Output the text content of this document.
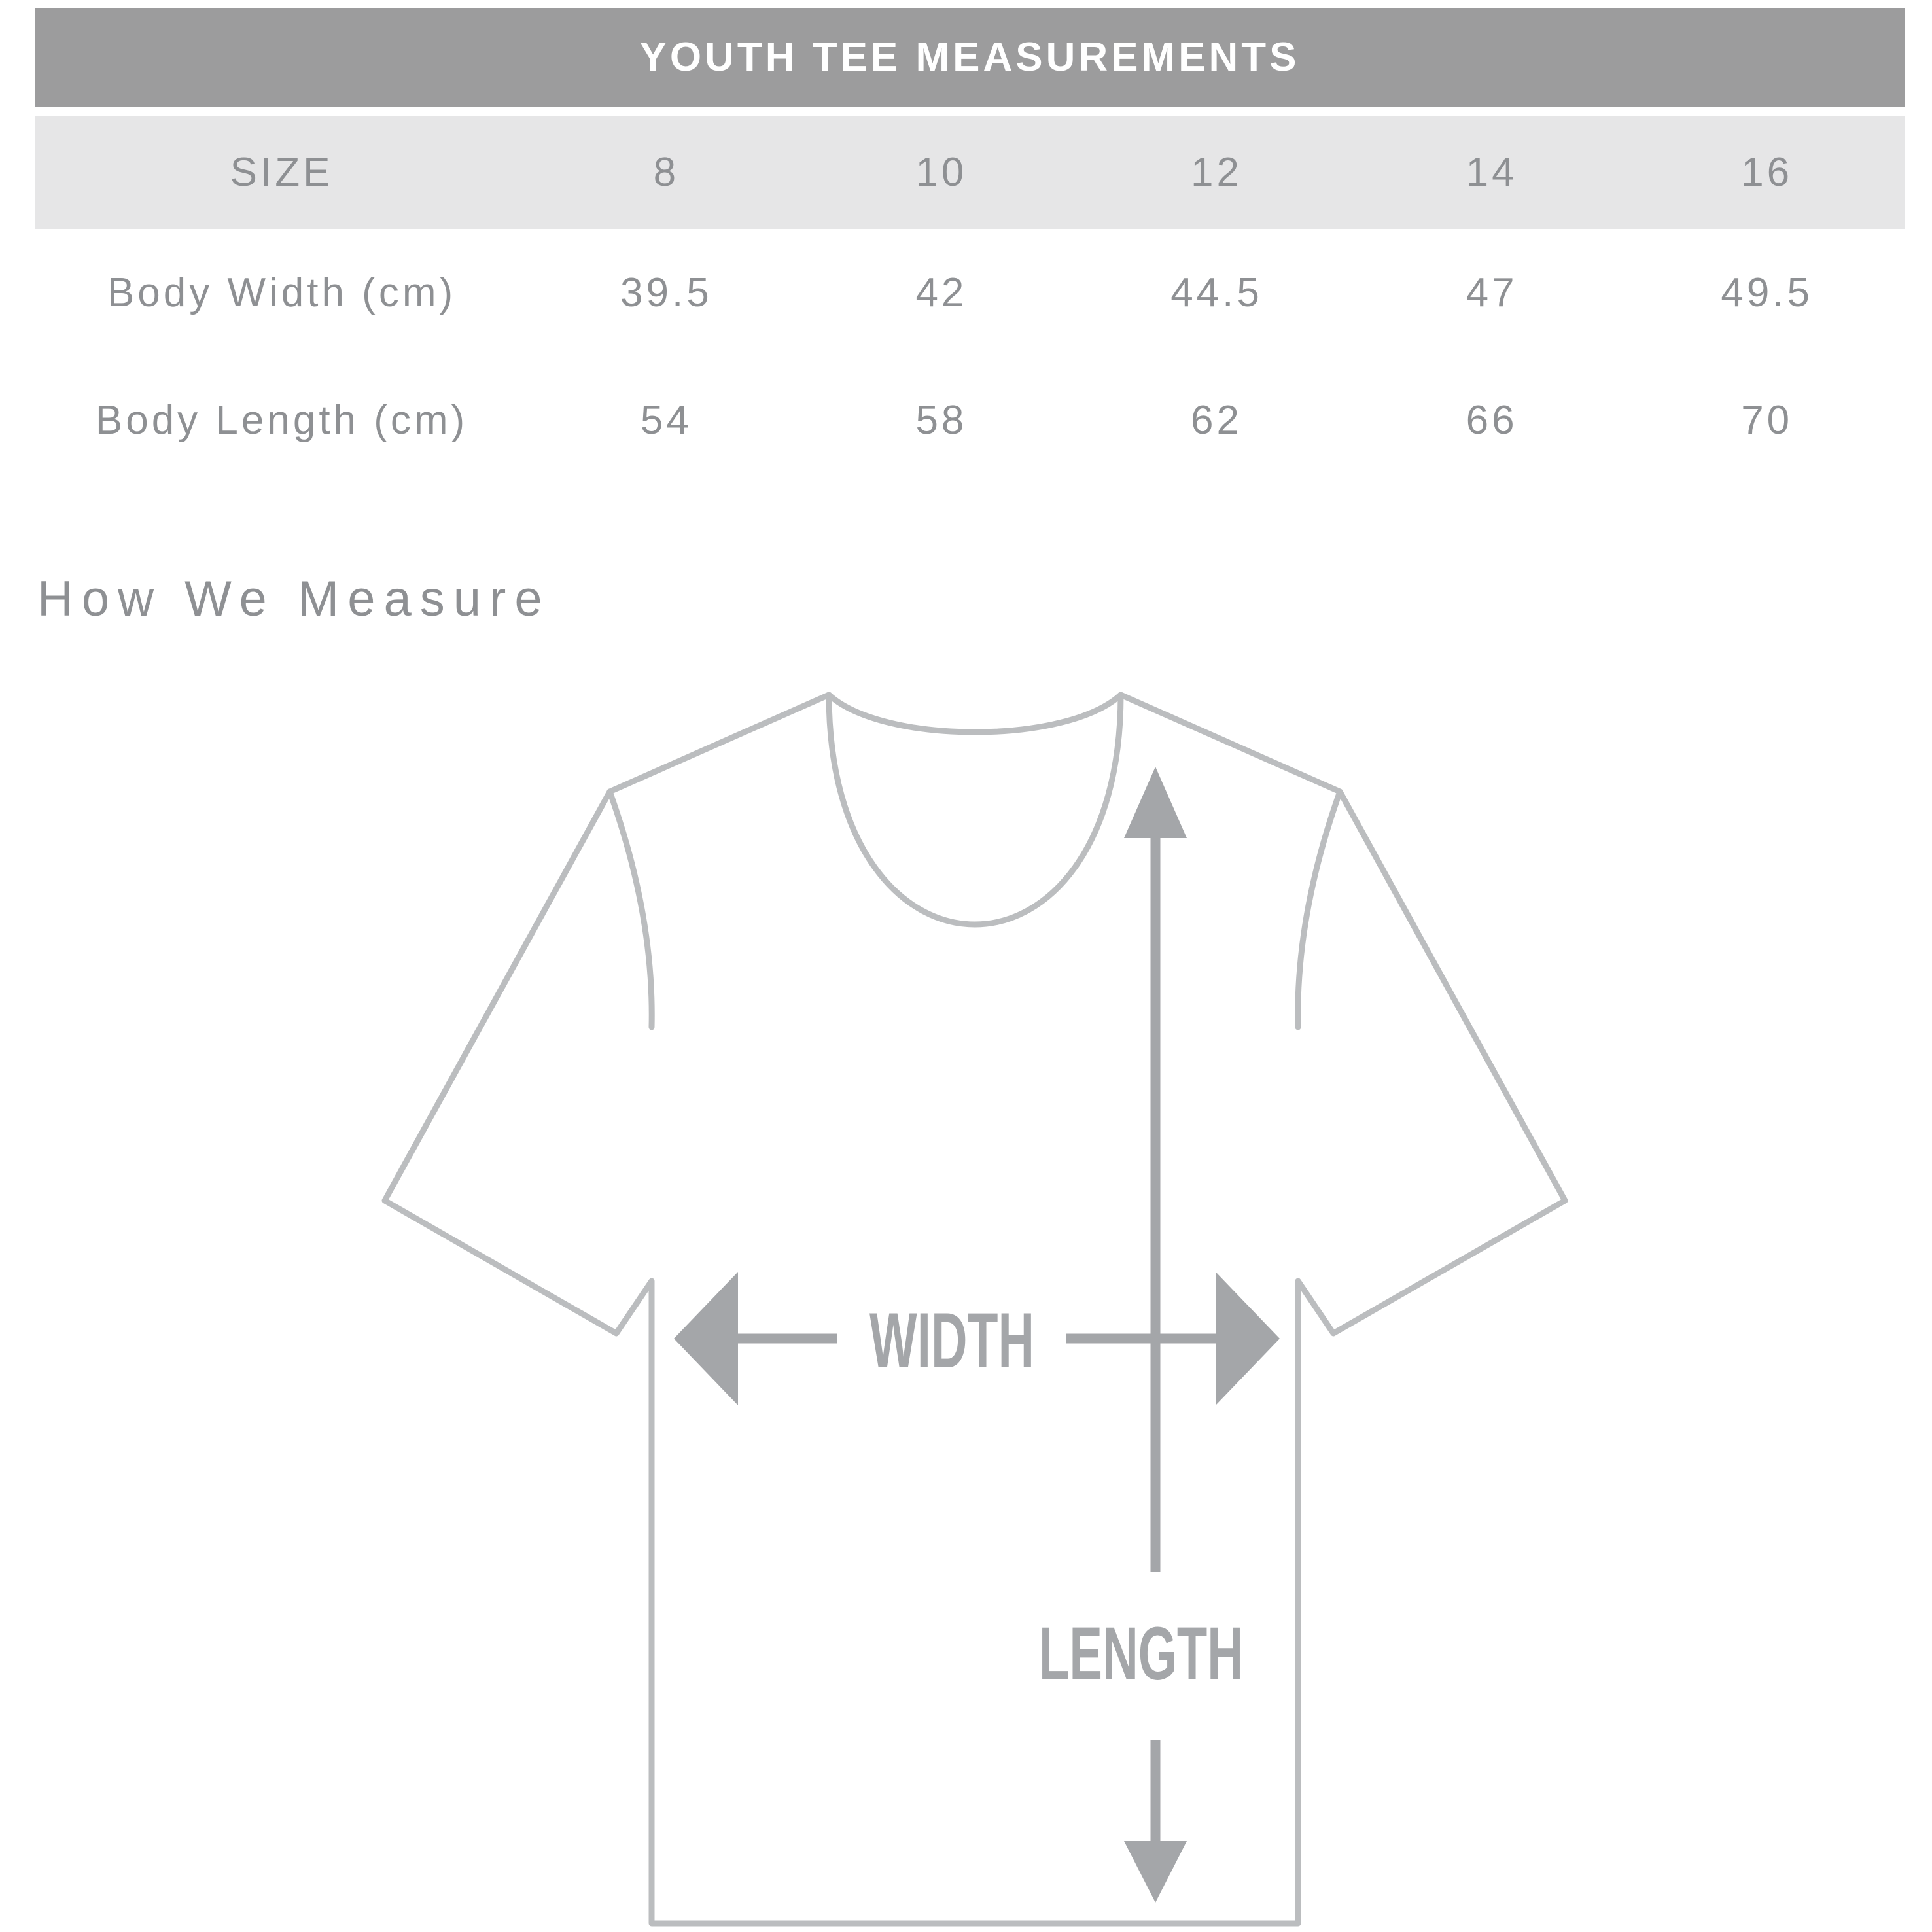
YOUTH TEE MEASUREMENTS
SIZE	8	10	12	14	16
Body Width (cm)	39.5	42	44.5	47	49.5
Body Length (cm)	54	58	62	66	70
How We Measure
WIDTH
LENGTH
